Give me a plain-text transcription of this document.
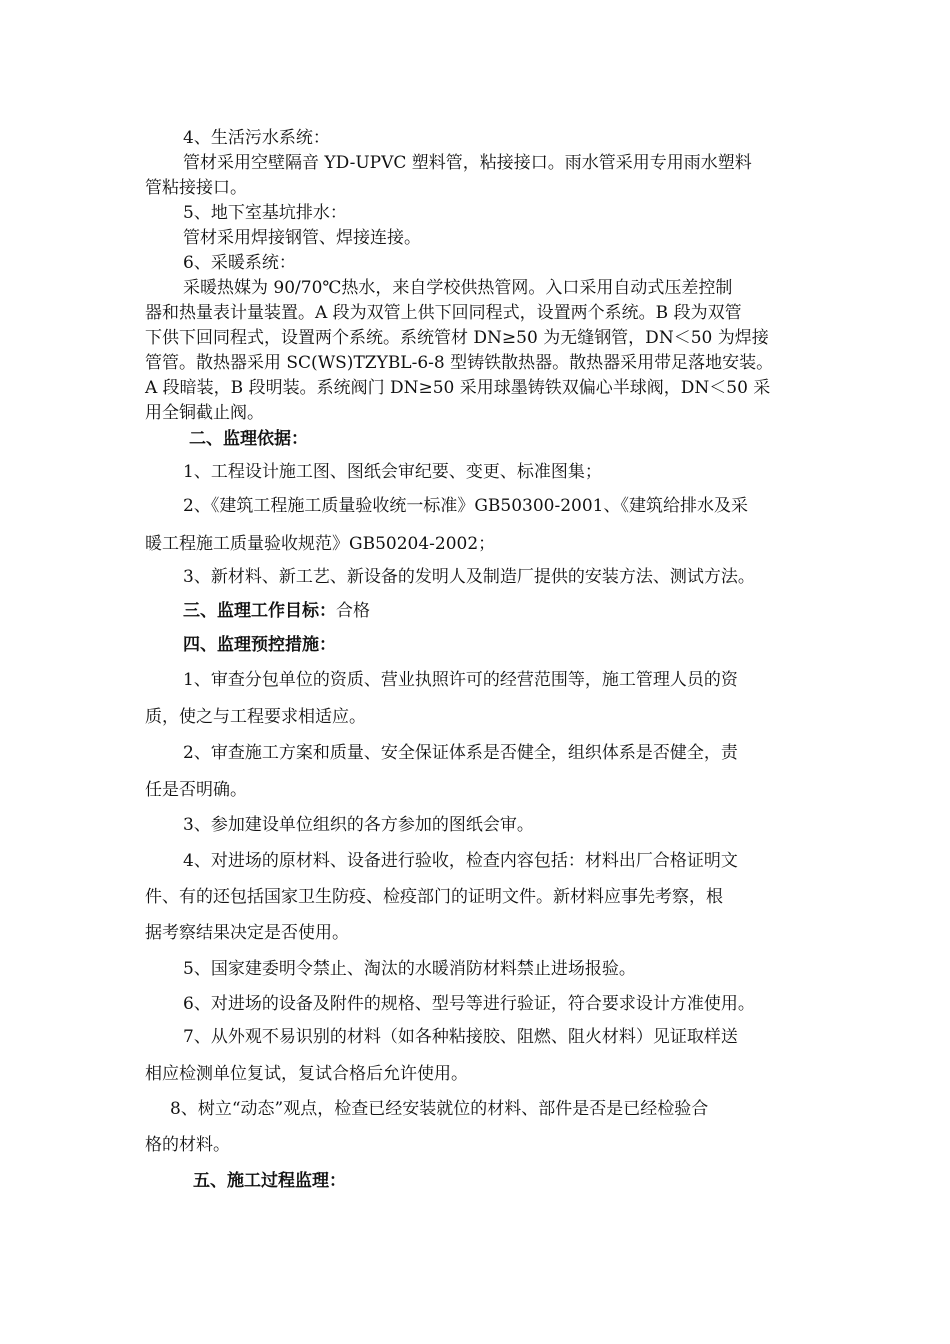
4、生活污水系统：
管材采用空壁隔音 YD-UPVC 塑料管，粘接接口。雨水管采用专用雨水塑料
管粘接接口。
5、地下室基坑排水：
管材采用焊接钢管、焊接连接。
6、采暖系统：
采暖热媒为 90/70℃热水，来自学校供热管网。入口采用自动式压差控制
器和热量表计量装置。A 段为双管上供下回同程式，设置两个系统。B 段为双管
下供下回同程式，设置两个系统。系统管材 DN≥50 为无缝钢管，DN＜50 为焊接
管管。散热器采用 SC(WS)TZYBL-6-8 型铸铁散热器。散热器采用带足落地安装。
A 段暗装，B 段明装。系统阀门 DN≥50 采用球墨铸铁双偏心半球阀，DN＜50 采
用全铜截止阀。
二、监理依据：
1、工程设计施工图、图纸会审纪要、变更、标准图集；
2、《建筑工程施工质量验收统一标准》GB50300-2001、《建筑给排水及采
暖工程施工质量验收规范》GB50204-2002；
3、新材料、新工艺、新设备的发明人及制造厂提供的安装方法、测试方法。
三、监理工作目标：合格
四、监理预控措施：
1、审查分包单位的资质、营业执照许可的经营范围等，施工管理人员的资
质，使之与工程要求相适应。
2、审查施工方案和质量、安全保证体系是否健全，组织体系是否健全，责
任是否明确。
3、参加建设单位组织的各方参加的图纸会审。
4、对进场的原材料、设备进行验收，检查内容包括：材料出厂合格证明文
件、有的还包括国家卫生防疫、检疫部门的证明文件。新材料应事先考察，根
据考察结果决定是否使用。
5、国家建委明令禁止、淘汰的水暖消防材料禁止进场报验。
6、对进场的设备及附件的规格、型号等进行验证，符合要求设计方准使用。
7、从外观不易识别的材料（如各种粘接胶、阻燃、阻火材料）见证取样送
相应检测单位复试，复试合格后允许使用。
8、树立“动态”观点，检查已经安装就位的材料、部件是否是已经检验合
格的材料。
五、施工过程监理：
